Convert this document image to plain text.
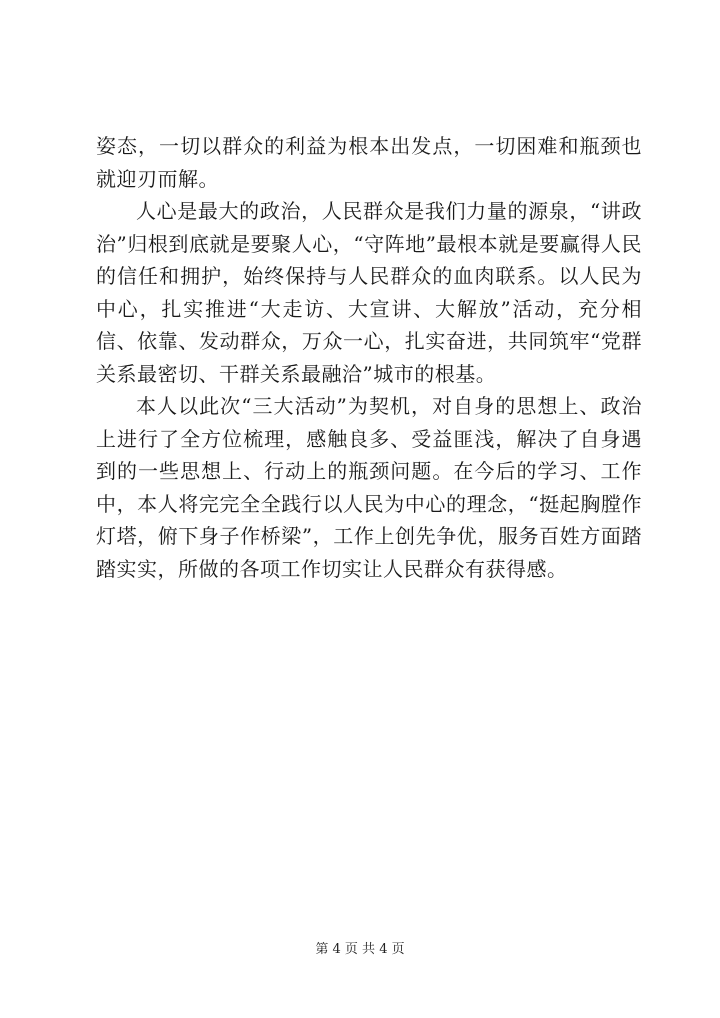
姿态，一切以群众的利益为根本出发点，一切困难和瓶颈也就迎刃而解。

人心是最大的政治，人民群众是我们力量的源泉，“讲政治”归根到底就是要聚人心，“守阵地”最根本就是要赢得人民的信任和拥护，始终保持与人民群众的血肉联系。以人民为中心，扎实推进“大走访、大宣讲、大解放”活动，充分相信、依靠、发动群众，万众一心，扎实奋进，共同筑牢“党群关系最密切、干群关系最融洽”城市的根基。

本人以此次“三大活动”为契机，对自身的思想上、政治上进行了全方位梳理，感触良多、受益匪浅，解决了自身遇到的一些思想上、行动上的瓶颈问题。在今后的学习、工作中，本人将完完全全践行以人民为中心的理念，“挺起胸膛作灯塔，俯下身子作桥梁”，工作上创先争优，服务百姓方面踏踏实实，所做的各项工作切实让人民群众有获得感。

第 4 页 共 4 页
